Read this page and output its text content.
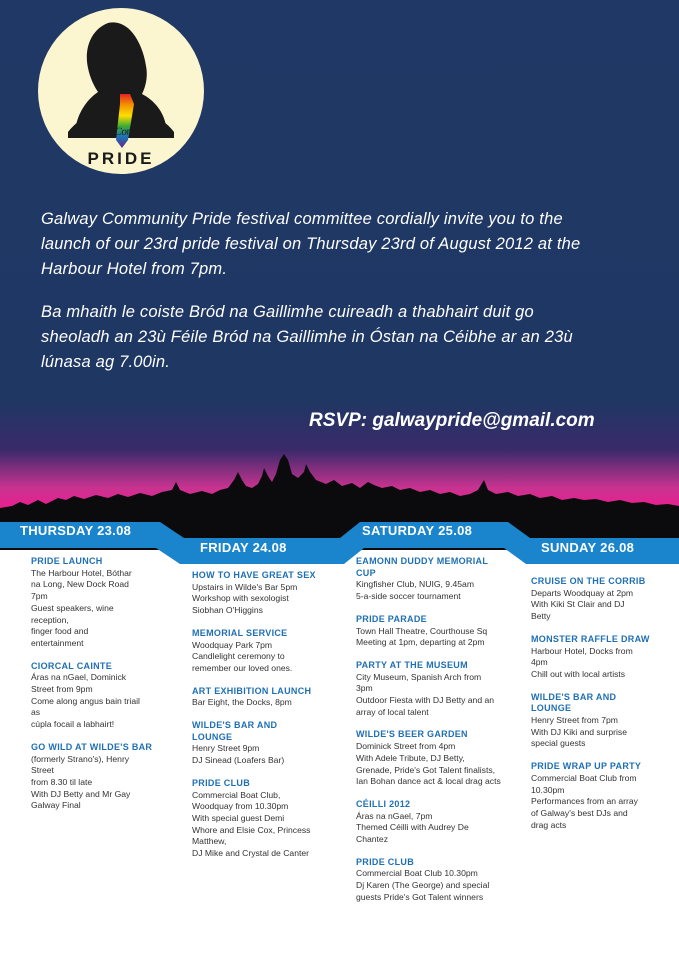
Galway Community
PRIDE

Galway Community Pride festival committee cordially invite you to the
launch of our 23rd pride festival on Thursday 23rd of August 2012 at the
Harbour Hotel from 7pm.

Ba mhaith le coiste Bród na Gaillimhe cuireadh a thabhairt duit go
sheoladh an 23ù Féile Bród na Gaillimhe in Óstan na Céibhe ar an 23ù
lúnasa ag 7.00in.

RSVP: galwaypride@gmail.com

THURSDAY 23.08

FRIDAY 24.08

SATURDAY 25.08

SUNDAY 26.08

PRIDE LAUNCH

The Harbour Hotel, Bóthar

na Long, New Dock Road

7pm

Guest speakers, wine

reception,

finger food and

entertainment

CIORCAL CAINTE

Áras na nGael, Dominick

Street from 9pm

Come along angus bain triail

as

cúpla focail a labhairt!

GO WILD AT WILDE'S BAR

(formerly Strano's), Henry

Street

from 8.30 til late

With DJ Betty and Mr Gay

Galway Final

HOW TO HAVE GREAT SEX

Upstairs in Wilde's Bar 5pm

Workshop with sexologist

Siobhan O'Higgins

MEMORIAL SERVICE

Woodquay Park 7pm

Candlelight ceremony to

remember our loved ones.

ART EXHIBITION LAUNCH

Bar Eight, the Docks, 8pm

WILDE'S BAR AND
LOUNGE

Henry Street 9pm

DJ Sinead (Loafers Bar)

PRIDE CLUB

Commercial Boat Club,

Woodquay from 10.30pm

With special guest Demi

Whore and Elsie Cox, Princess

Matthew,

DJ Mike and Crystal de Canter

EAMONN DUDDY MEMORIAL
CUP

Kingfisher Club, NUIG, 9.45am

5-a-side soccer tournament

PRIDE PARADE

Town Hall Theatre, Courthouse Sq

Meeting at 1pm, departing at 2pm

PARTY AT THE MUSEUM

City Museum, Spanish Arch from

3pm

Outdoor Fiesta with DJ Betty and an

array of local talent

WILDE'S BEER GARDEN

Dominick Street from 4pm

With Adele Tribute, DJ Betty,

Grenade, Pride's Got Talent finalists,

Ian Bohan dance act & local drag acts

CÉILLI 2012

Áras na nGael, 7pm

Themed Céilli with Audrey De

Chantez

PRIDE CLUB

Commercial Boat Club 10.30pm

Dj Karen (The George) and special

guests Pride's Got Talent winners

CRUISE ON THE CORRIB

Departs Woodquay at 2pm

With Kiki St Clair and DJ

Betty

MONSTER RAFFLE DRAW

Harbour Hotel, Docks from

4pm

Chill out with local artists

WILDE'S BAR AND
LOUNGE

Henry Street from 7pm

With DJ Kiki and surprise

special guests

PRIDE WRAP UP PARTY

Commercial Boat Club from

10.30pm

Performances from an array

of Galway's best DJs and

drag acts
